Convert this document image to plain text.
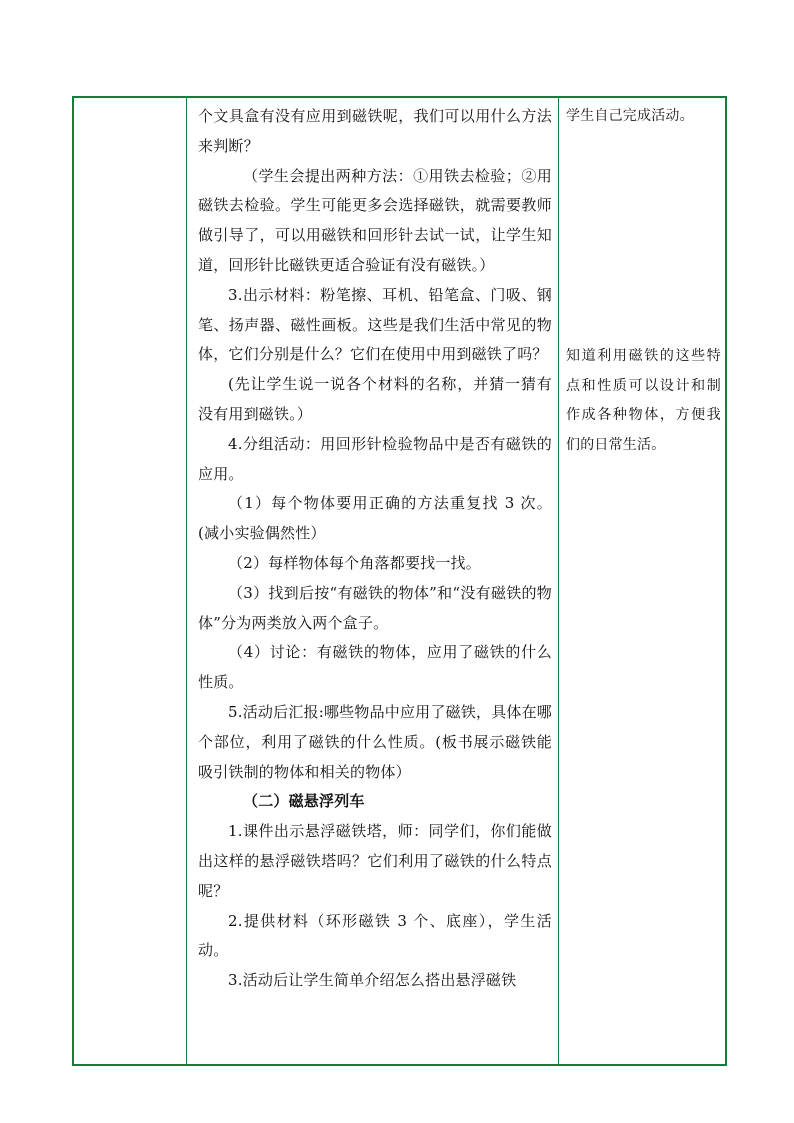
个文具盒有没有应用到磁铁呢，我们可以用什么方法来判断？

（学生会提出两种方法：①用铁去检验；②用磁铁去检验。学生可能更多会选择磁铁，就需要教师做引导了，可以用磁铁和回形针去试一试，让学生知道，回形针比磁铁更适合验证有没有磁铁。）

3.出示材料：粉笔擦、耳机、铅笔盒、门吸、钢笔、扬声器、磁性画板。这些是我们生活中常见的物体，它们分别是什么？它们在使用中用到磁铁了吗？

(先让学生说一说各个材料的名称，并猜一猜有没有用到磁铁。）

4.分组活动：用回形针检验物品中是否有磁铁的应用。

（1）每个物体要用正确的方法重复找 3 次。(减小实验偶然性）

（2）每样物体每个角落都要找一找。

（3）找到后按“有磁铁的物体”和“没有磁铁的物体”分为两类放入两个盒子。

（4）讨论：有磁铁的物体，应用了磁铁的什么性质。

5.活动后汇报:哪些物品中应用了磁铁，具体在哪个部位，利用了磁铁的什么性质。(板书展示磁铁能吸引铁制的物体和相关的物体）

（二）磁悬浮列车

1.课件出示悬浮磁铁塔，师：同学们，你们能做出这样的悬浮磁铁塔吗？它们利用了磁铁的什么特点呢？

2.提供材料（环形磁铁 3 个、底座），学生活动。

3.活动后让学生简单介绍怎么搭出悬浮磁铁

学生自己完成活动。

知道利用磁铁的这些特点和性质可以设计和制作成各种物体，方便我们的日常生活。
